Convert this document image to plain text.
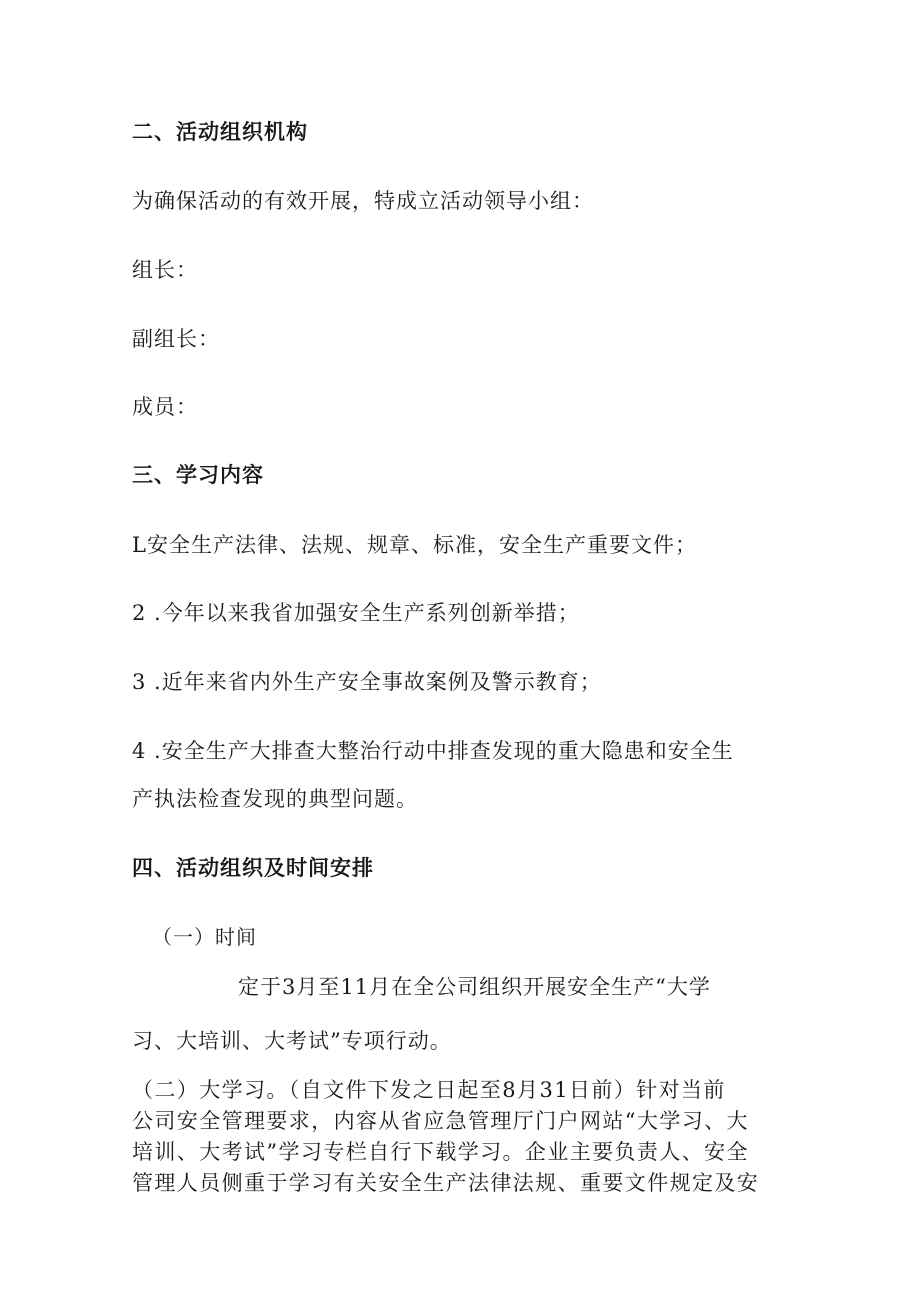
二、活动组织机构
为确保活动的有效开展，特成立活动领导小组：
组长：
副组长：
成员：
三、学习内容
L安全生产法律、法规、规章、标准，安全生产重要文件；
2 .今年以来我省加强安全生产系列创新举措；
3 .近年来省内外生产安全事故案例及警示教育；
4 .安全生产大排查大整治行动中排查发现的重大隐患和安全生
产执法检查发现的典型问题。
四、活动组织及时间安排
（一）时间
定于3月至11月在全公司组织开展安全生产“大学
习、大培训、大考试”专项行动。
（二）大学习。（自文件下发之日起至8月31日前）针对当前
公司安全管理要求，内容从省应急管理厅门户网站“大学习、大
培训、大考试”学习专栏自行下载学习。企业主要负责人、安全
管理人员侧重于学习有关安全生产法律法规、重要文件规定及安
